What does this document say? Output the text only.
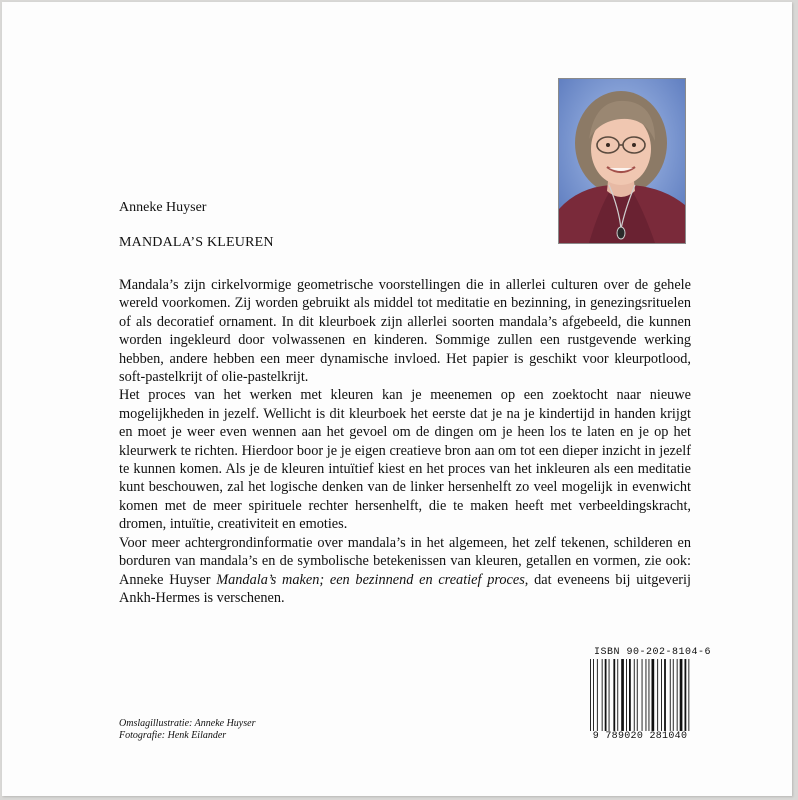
Anneke Huyser
MANDALA’S KLEUREN

Mandala’s zijn cirkelvormige geometrische voorstellingen die in allerlei culturen over de gehele wereld voorkomen. Zij worden gebruikt als middel tot meditatie en bezinning, in genezingsrituelen of als decoratief ornament. In dit kleurboek zijn allerlei soorten mandala’s afgebeeld, die kunnen worden ingekleurd door volwassenen en kinderen. Sommige zullen een rustgevende werking hebben, andere hebben een meer dynamische invloed. Het papier is geschikt voor kleurpotlood, soft-pastelkrijt of olie-pastelkrijt.

Het proces van het werken met kleuren kan je meenemen op een zoektocht naar nieuwe mogelijkheden in jezelf. Wellicht is dit kleurboek het eerste dat je na je kindertijd in handen krijgt en moet je weer even wennen aan het gevoel om de dingen om je heen los te laten en je op het kleurwerk te richten. Hierdoor boor je je eigen creatieve bron aan om tot een dieper inzicht in jezelf te kunnen komen. Als je de kleuren intuïtief kiest en het proces van het inkleuren als een meditatie kunt beschouwen, zal het logische denken van de linker hersenhelft zo veel mogelijk in evenwicht komen met de meer spirituele rechter hersenhelft, die te maken heeft met verbeeldingskracht, dromen, intuïtie, creativiteit en emoties.

Voor meer achtergrondinformatie over mandala’s in het algemeen, het zelf tekenen, schilderen en borduren van mandala’s en de symbolische betekenissen van kleuren, getallen en vormen, zie ook: Anneke Huyser Mandala’s maken; een bezinnend en creatief proces, dat eveneens bij uitgeverij Ankh-Hermes is verschenen.

ISBN 90-202-8104-6
9 789020 281040
Omslagillustratie: Anneke Huyser
Fotografie: Henk Eilander
